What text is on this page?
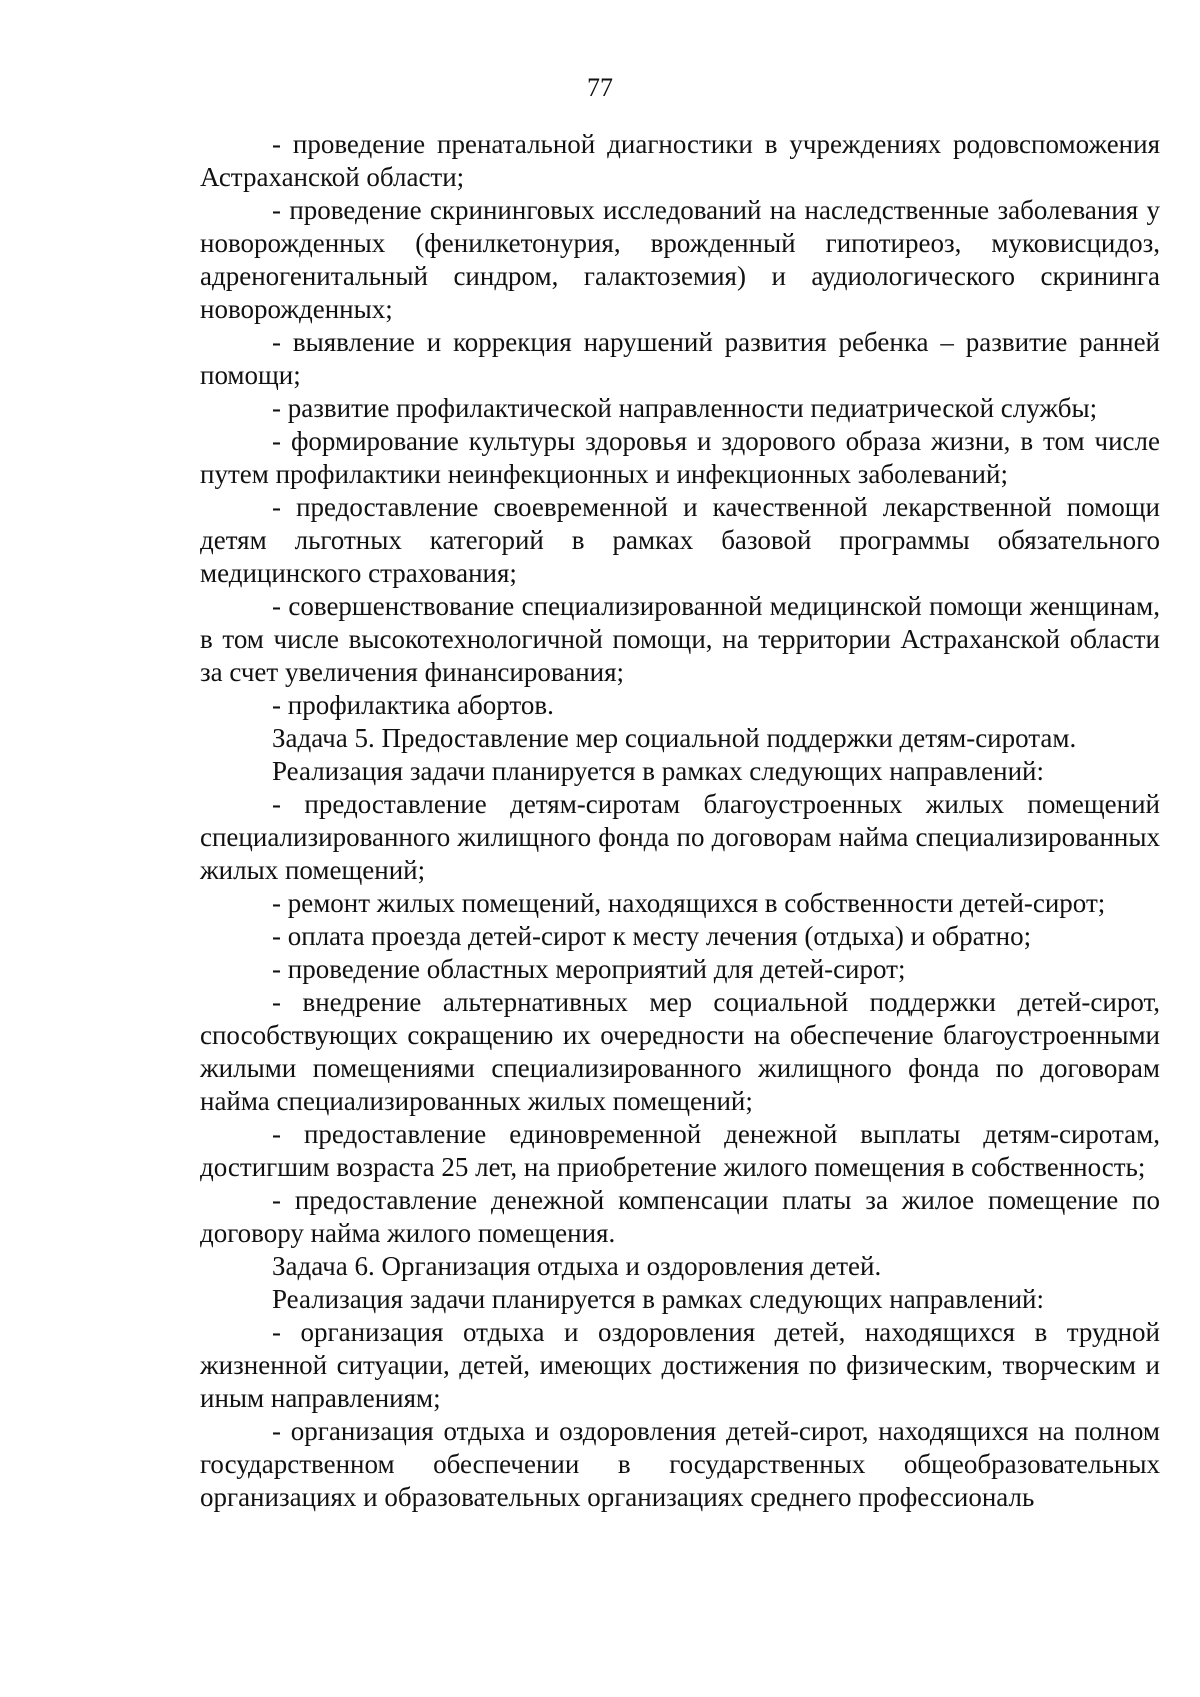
77

- проведение пренатальной диагностики в учреждениях родовспоможения Астраханской области;

- проведение скрининговых исследований на наследственные заболевания у новорожденных (фенилкетонурия, врожденный гипотиреоз, муковисцидоз, адреногенитальный синдром, галактоземия) и аудиологического скрининга новорожденных;

- выявление и коррекция нарушений развития ребенка – развитие ранней помощи;

- развитие профилактической направленности педиатрической службы;

- формирование культуры здоровья и здорового образа жизни, в том числе путем профилактики неинфекционных и инфекционных заболеваний;

- предоставление своевременной и качественной лекарственной помощи детям льготных категорий в рамках базовой программы обязательного медицинского страхования;

- совершенствование специализированной медицинской помощи женщинам, в том числе высокотехнологичной помощи, на территории Астраханской области за счет увеличения финансирования;

- профилактика абортов.

Задача 5. Предоставление мер социальной поддержки детям-сиротам.

Реализация задачи планируется в рамках следующих направлений:

- предоставление детям-сиротам благоустроенных жилых помещений специализированного жилищного фонда по договорам найма специализированных жилых помещений;

- ремонт жилых помещений, находящихся в собственности детей-сирот;

- оплата проезда детей-сирот к месту лечения (отдыха) и обратно;

- проведение областных мероприятий для детей-сирот;

- внедрение альтернативных мер социальной поддержки детей-сирот, способствующих сокращению их очередности на обеспечение благоустроенными жилыми помещениями специализированного жилищного фонда по договорам найма специализированных жилых помещений;

- предоставление единовременной денежной выплаты детям-сиротам, достигшим возраста 25 лет, на приобретение жилого помещения в собственность;

- предоставление денежной компенсации платы за жилое помещение по договору найма жилого помещения.

Задача 6. Организация отдыха и оздоровления детей.

Реализация задачи планируется в рамках следующих направлений:

- организация отдыха и оздоровления детей, находящихся в трудной жизненной ситуации, детей, имеющих достижения по физическим, творческим и иным направлениям;

- организация отдыха и оздоровления детей-сирот, находящихся на полном государственном обеспечении в государственных общеобразовательных организациях и образовательных организациях среднего профессиональ
